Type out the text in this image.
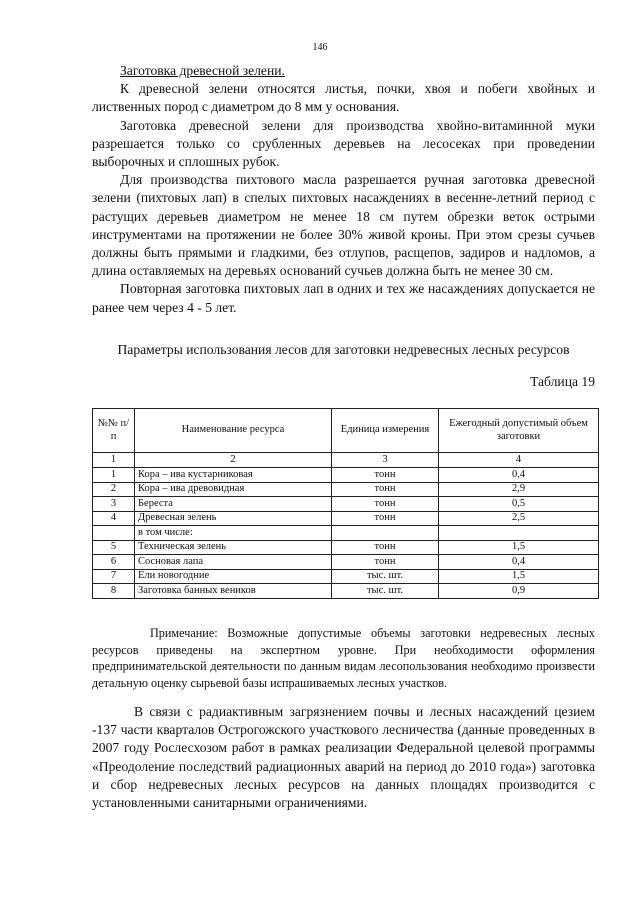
146

Заготовка древесной зелени.

К древесной зелени относятся листья, почки, хвоя и побеги хвойных и лиственных пород с диаметром до 8 мм у основания.

Заготовка древесной зелени для производства хвойно-витаминной муки разрешается только со срубленных деревьев на лесосеках при проведении выборочных и сплошных рубок.

Для производства пихтового масла разрешается ручная заготовка древесной зелени (пихтовых лап) в спелых пихтовых насаждениях в весенне-летний период с растущих деревьев диаметром не менее 18 см путем обрезки веток острыми инструментами на протяжении не более 30% живой кроны. При этом срезы сучьев должны быть прямыми и гладкими, без отлупов, расщепов, задиров и надломов, а длина оставляемых на деревьях оснований сучьев должна быть не менее 30 см.

Повторная заготовка пихтовых лап в одних и тех же насаждениях допускается не ранее чем через 4 - 5 лет.

Параметры использования лесов для заготовки недревесных лесных ресурсов
Таблица 19
№№ п/п	Наименование ресурса	Единица измерения	Ежегодный допустимый объем заготовки
1	2	3	4
1	Кора – ива кустарниковая	тонн	0,4
2	Кора – ива древовидная	тонн	2,9
3	Береста	тонн	0,5
4	Древесная зелень	тонн	2,5
	в том числе:		
5	Техническая зелень	тонн	1,5
6	Сосновая лапа	тонн	0,4
7	Ели новогодние	тыс. шт.	1,5
8	Заготовка банных веников	тыс. шт.	0,9

Примечание: Возможные допустимые объемы заготовки недревесных лесных ресурсов приведены на экспертном уровне. При необходимости оформления предпринимательской деятельности по данным видам лесопользования необходимо произвести детальную оценку сырьевой базы испрашиваемых лесных участков.

В связи с радиактивным загрязнением почвы и лесных насаждений цезием -137 части кварталов Острогожского участкового лесничества (данные проведенных в 2007 году Рослесхозом работ в рамках реализации Федеральной целевой программы «Преодоление последствий радиационных аварий на период до 2010 года») заготовка и сбор недревесных лесных ресурсов на данных площадях производится с установленными санитарными ограничениями.
